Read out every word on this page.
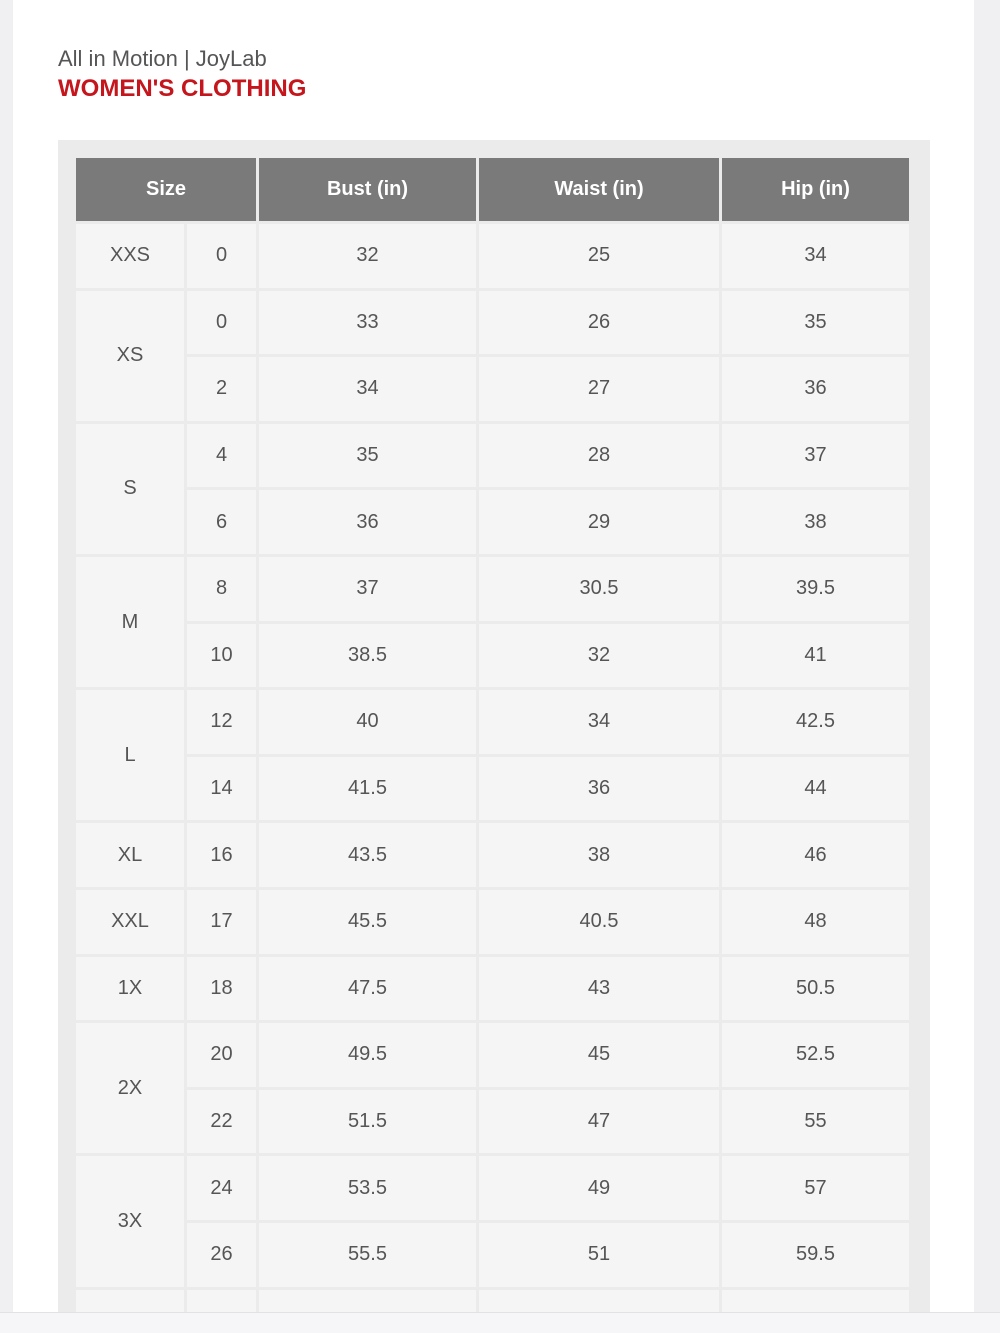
All in Motion | JoyLab
WOMEN'S CLOTHING
Size		Bust (in)	Waist (in)	Hip (in)
XXS	0	32	25	34
XS	0	33	26	35
	2	34	27	36
S	4	35	28	37
	6	36	29	38
M	8	37	30.5	39.5
	10	38.5	32	41
L	12	40	34	42.5
	14	41.5	36	44
XL	16	43.5	38	46
XXL	17	45.5	40.5	48
1X	18	47.5	43	50.5
2X	20	49.5	45	52.5
	22	51.5	47	55
3X	24	53.5	49	57
	26	55.5	51	59.5
